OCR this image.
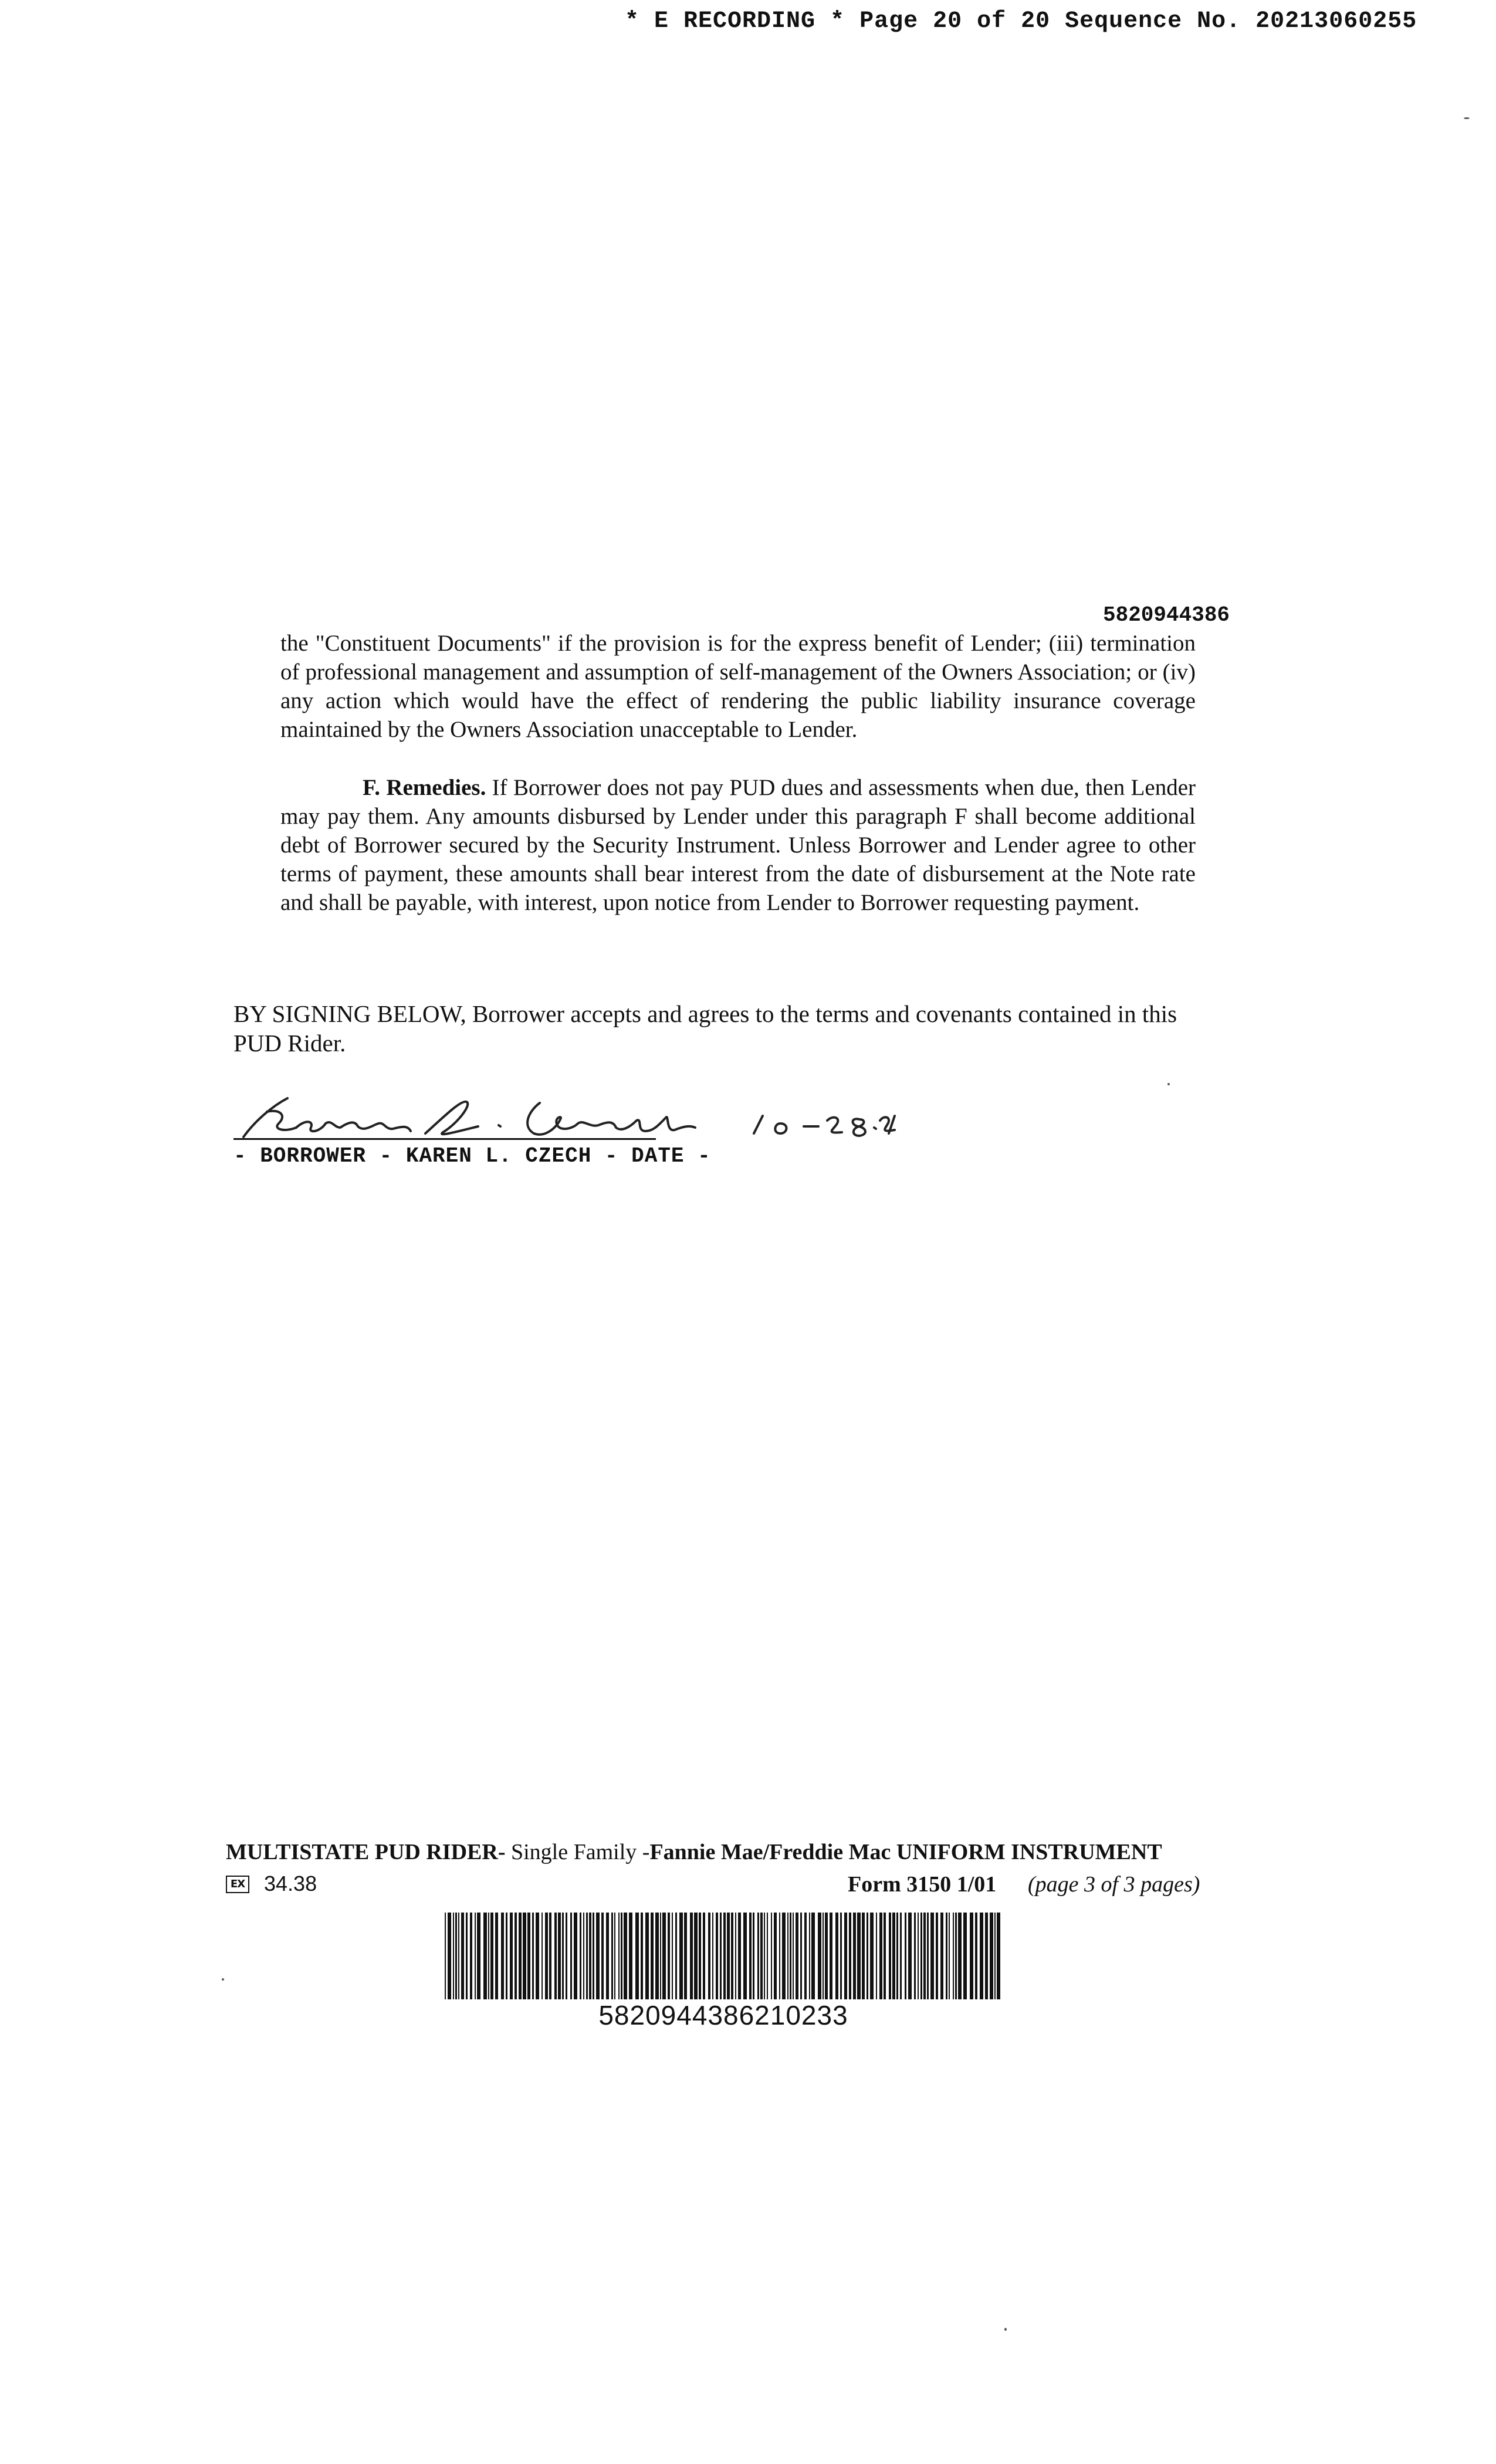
* E RECORDING * Page 20 of 20 Sequence No. 20213060255
5820944386
the "Constituent Documents" if the provision is for the express benefit of Lender; (iii) termination of professional management and assumption of self-management of the Owners Association; or (iv) any action which would have the effect of rendering the public liability insurance coverage maintained by the Owners Association unacceptable to Lender.
F. Remedies. If Borrower does not pay PUD dues and assessments when due, then Lender may pay them. Any amounts disbursed by Lender under this paragraph F shall become additional debt of Borrower secured by the Security Instrument. Unless Borrower and Lender agree to other terms of payment, these amounts shall bear interest from the date of disbursement at the Note rate and shall be payable, with interest, upon notice from Lender to Borrower requesting payment.
BY SIGNING BELOW, Borrower accepts and agrees to the terms and covenants contained in this PUD Rider.
- BORROWER - KAREN L. CZECH - DATE -
MULTISTATE PUD RIDER- Single Family -Fannie Mae/Freddie Mac UNIFORM INSTRUMENT
EX 34.38	Form 3150 1/01 (page 3 of 3 pages)
5820944386210233
